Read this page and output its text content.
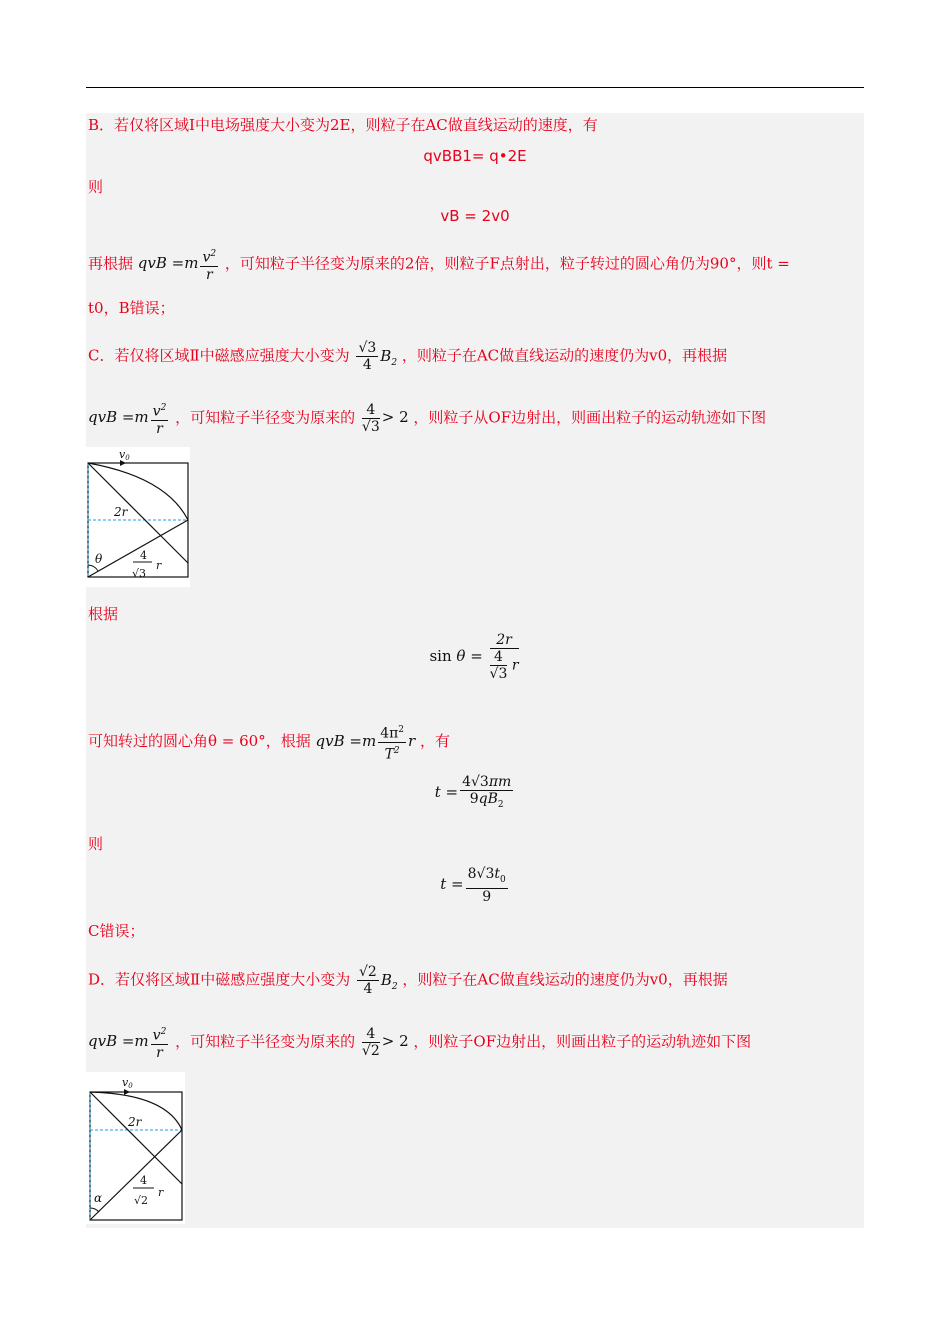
B．若仅将区域Ⅰ中电场强度大小变为2E，则粒子在AC做直线运动的速度，有
qvBB1= q•2E
则
vB = 2v0
再根据 qvB $=m \frac{v^2}{r}$ ，可知粒子半径变为原来的2倍，则粒子F点射出，粒子转过的圆心角仍为90°，则t =
t0，B错误；
C．若仅将区域Ⅱ中磁感应强度大小变为 $\frac{√3}{4} B_2$ ，则粒子在AC做直线运动的速度仍为v0，再根据
qvB $=m \frac{v^2}{r}$ ，可知粒子半径变为原来的 $\frac{4}{√3} > 2$ ，则粒子从OF边射出，则画出粒子的运动轨迹如下图
v0
2r
θ	4
√3
r
根据
$\sin \theta = \frac{2r}{\frac{4}{√3} r}$
可知转过的圆心角θ = 60°，根据 qvB $=m \frac{4\pi^2}{T^2}$ r ，有
$t = \frac{4√3\pi m}{9qB_2}$
则
$t = \frac{8√3t_0}{9}$
C错误；
D．若仅将区域Ⅱ中磁感应强度大小变为 $\frac{√2}{4} B_2$ ，则粒子在AC做直线运动的速度仍为v0，再根据
qvB $=m \frac{v^2}{r}$ ，可知粒子半径变为原来的 $\frac{4}{√2} > 2$ ，则粒子OF边射出，则画出粒子的运动轨迹如下图
v0
2r
α
4
√2
r
